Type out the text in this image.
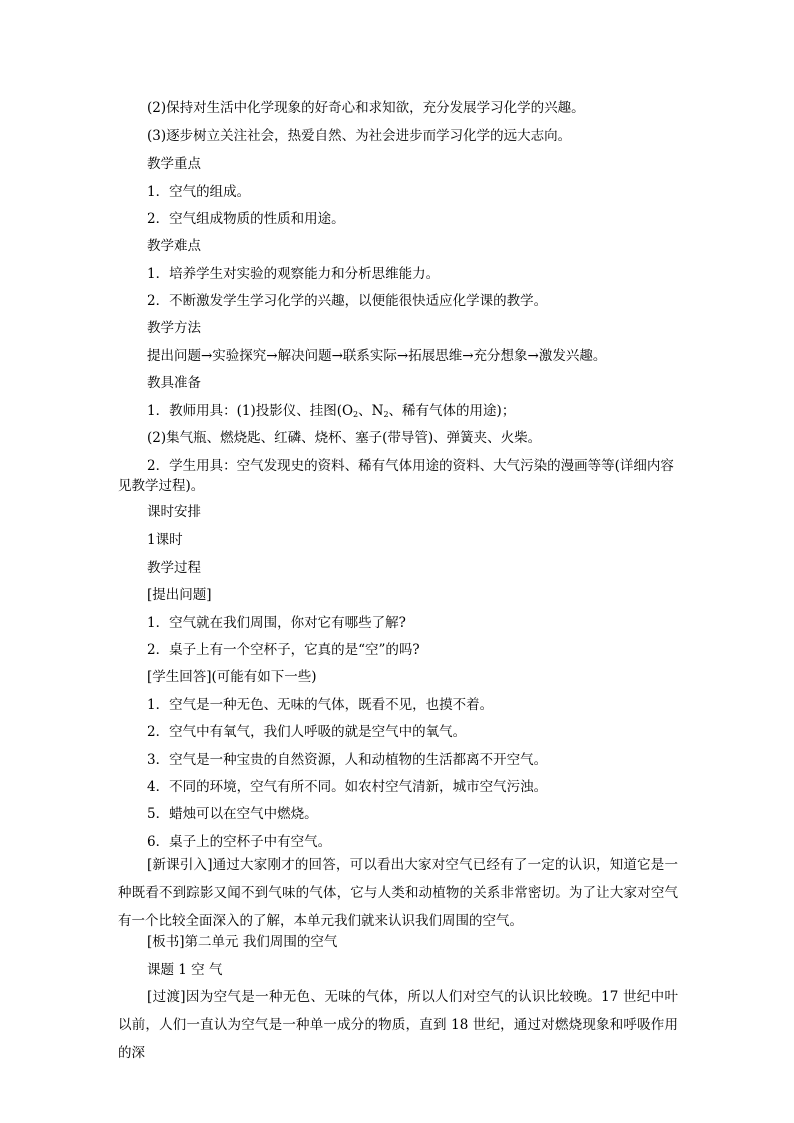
(2)保持对生活中化学现象的好奇心和求知欲，充分发展学习化学的兴趣。
(3)逐步树立关注社会，热爱自然、为社会进步而学习化学的远大志向。
教学重点
1．空气的组成。
2．空气组成物质的性质和用途。
教学难点
1．培养学生对实验的观察能力和分析思维能力。
2．不断激发学生学习化学的兴趣，以便能很快适应化学课的教学。
教学方法
提出问题→实验探究→解决问题→联系实际→拓展思维→充分想象→激发兴趣。
教具准备
1．教师用具：(1)投影仪、挂图($O_2$、$N_2$、稀有气体的用途)；
(2)集气瓶、燃烧匙、红磷、烧杯、塞子(带导管)、弹簧夹、火柴。
2．学生用具：空气发现史的资料、稀有气体用途的资料、大气污染的漫画等等(详细内容
见教学过程)。
课时安排
1课时
教学过程
[提出问题]
1．空气就在我们周围，你对它有哪些了解?
2．桌子上有一个空杯子，它真的是“空”的吗?
[学生回答](可能有如下一些)
1．空气是一种无色、无味的气体，既看不见，也摸不着。
2．空气中有氧气，我们人呼吸的就是空气中的氧气。
3．空气是一种宝贵的自然资源，人和动植物的生活都离不开空气。
4．不同的环境，空气有所不同。如农村空气清新，城市空气污浊。
5．蜡烛可以在空气中燃烧。
6．桌子上的空杯子中有空气。
[新课引入]通过大家刚才的回答，可以看出大家对空气已经有了一定的认识，知道它是一种既看不到踪影又闻不到气味的气体，它与人类和动植物的关系非常密切。为了让大家对空气有一个比较全面深入的了解，本单元我们就来认识我们周围的空气。
[板书]第二单元 我们周围的空气
课题 1 空 气
[过渡]因为空气是一种无色、无味的气体，所以人们对空气的认识比较晚。17 世纪中叶以前，人们一直认为空气是一种单一成分的物质，直到 18 世纪，通过对燃烧现象和呼吸作用的深
